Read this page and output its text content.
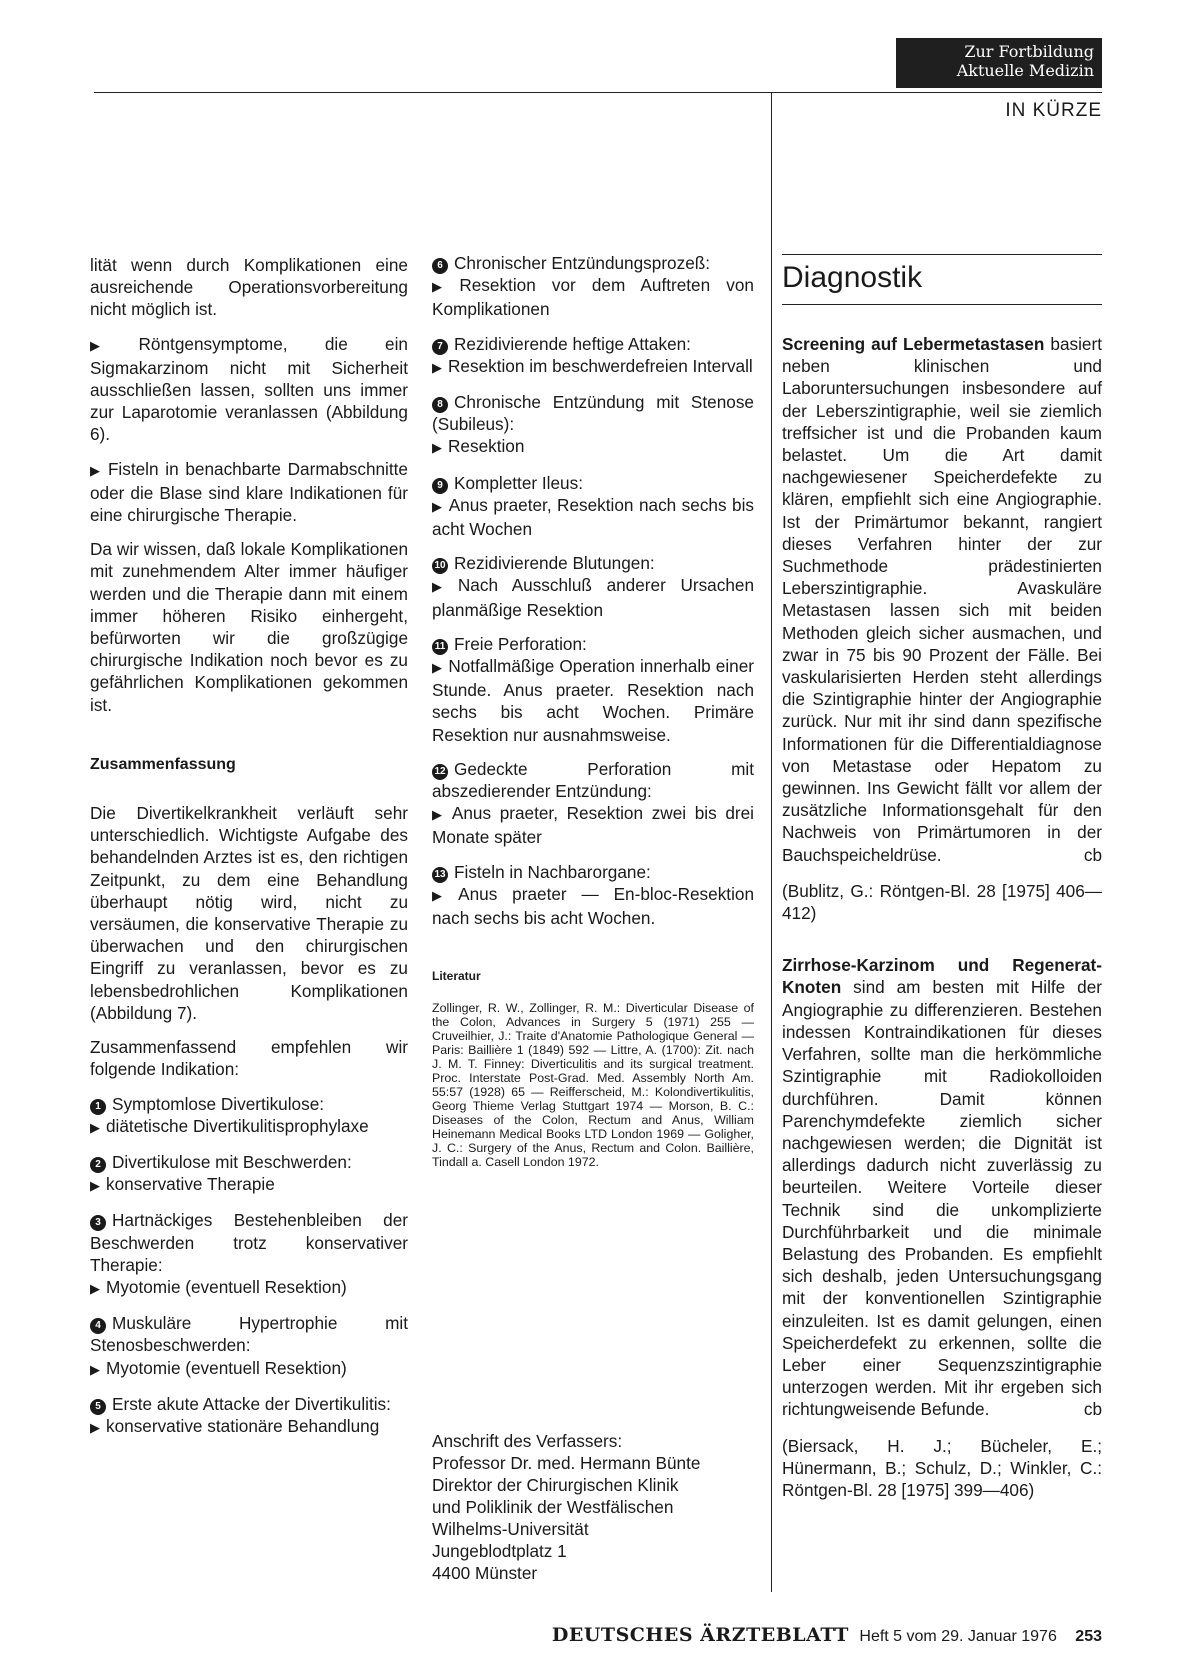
Zur Fortbildung
Aktuelle Medizin
IN KÜRZE

lität wenn durch Komplikationen eine ausreichende Operationsvorbereitung nicht möglich ist.

▶ Röntgensymptome, die ein Sigmakarzinom nicht mit Sicherheit ausschließen lassen, sollten uns immer zur Laparotomie veranlassen (Abbildung 6).

▶ Fisteln in benachbarte Darmabschnitte oder die Blase sind klare Indikationen für eine chirurgische Therapie.

Da wir wissen, daß lokale Komplikationen mit zunehmendem Alter immer häufiger werden und die Therapie dann mit einem immer höheren Risiko einhergeht, befürworten wir die großzügige chirurgische Indikation noch bevor es zu gefährlichen Komplikationen gekommen ist.

Zusammenfassung

Die Divertikelkrankheit verläuft sehr unterschiedlich. Wichtigste Aufgabe des behandelnden Arztes ist es, den richtigen Zeitpunkt, zu dem eine Behandlung überhaupt nötig wird, nicht zu versäumen, die konservative Therapie zu überwachen und den chirurgischen Eingriff zu veranlassen, bevor es zu lebensbedrohlichen Komplikationen (Abbildung 7).

Zusammenfassend empfehlen wir folgende Indikation:

1 Symptomlose Divertikulose:
▶ diätetische Divertikulitisprophylaxe
2 Divertikulose mit Beschwerden:
▶ konservative Therapie
3 Hartnäckiges Bestehenbleiben der Beschwerden trotz konservativer Therapie:
▶ Myotomie (eventuell Resektion)
4 Muskuläre Hypertrophie mit Stenosbeschwerden:
▶ Myotomie (eventuell Resektion)
5 Erste akute Attacke der Divertikulitis:
▶ konservative stationäre Behandlung
6 Chronischer Entzündungsprozeß:
▶ Resektion vor dem Auftreten von Komplikationen
7 Rezidivierende heftige Attaken:
▶ Resektion im beschwerdefreien Intervall
8 Chronische Entzündung mit Stenose (Subileus):
▶ Resektion
9 Kompletter Ileus:
▶ Anus praeter, Resektion nach sechs bis acht Wochen
10 Rezidivierende Blutungen:
▶ Nach Ausschluß anderer Ursachen planmäßige Resektion
11 Freie Perforation:
▶ Notfallmäßige Operation innerhalb einer Stunde. Anus praeter. Resektion nach sechs bis acht Wochen. Primäre Resektion nur ausnahmsweise.
12 Gedeckte Perforation mit abszedierender Entzündung:
▶ Anus praeter, Resektion zwei bis drei Monate später
13 Fisteln in Nachbarorgane:
▶ Anus praeter — En-bloc-Resektion nach sechs bis acht Wochen.
Literatur
Zollinger, R. W., Zollinger, R. M.: Diverticular Disease of the Colon, Advances in Surgery 5 (1971) 255 — Cruveilhier, J.: Traite d'Anatomie Pathologique General — Paris: Baillière 1 (1849) 592 — Littre, A. (1700): Zit. nach J. M. T. Finney: Diverticulitis and its surgical treatment. Proc. Interstate Post-Grad. Med. Assembly North Am. 55:57 (1928) 65 — Reifferscheid, M.: Kolondivertikulitis, Georg Thieme Verlag Stuttgart 1974 — Morson, B. C.: Diseases of the Colon, Rectum and Anus, William Heinemann Medical Books LTD London 1969 — Goligher, J. C.: Surgery of the Anus, Rectum and Colon. Baillière, Tindall a. Casell London 1972.
Anschrift des Verfassers:
Professor Dr. med. Hermann Bünte
Direktor der Chirurgischen Klinik
und Poliklinik der Westfälischen
Wilhelms-Universität
Jungeblodtplatz 1
4400 Münster
Diagnostik

Screening auf Lebermetastasen basiert neben klinischen und Laboruntersuchungen insbesondere auf der Leberszintigraphie, weil sie ziemlich treffsicher ist und die Probanden kaum belastet. Um die Art damit nachgewiesener Speicherdefekte zu klären, empfiehlt sich eine Angiographie. Ist der Primärtumor bekannt, rangiert dieses Verfahren hinter der zur Suchmethode prädestinierten Leberszintigraphie. Avaskuläre Metastasen lassen sich mit beiden Methoden gleich sicher ausmachen, und zwar in 75 bis 90 Prozent der Fälle. Bei vaskularisierten Herden steht allerdings die Szintigraphie hinter der Angiographie zurück. Nur mit ihr sind dann spezifische Informationen für die Differentialdiagnose von Metastase oder Hepatom zu gewinnen. Ins Gewicht fällt vor allem der zusätzliche Informationsgehalt für den Nachweis von Primärtumoren in der Bauchspeicheldrüse.	cb

(Bublitz, G.: Röntgen-Bl. 28 [1975] 406—412)

Zirrhose-Karzinom und Regenerat-Knoten sind am besten mit Hilfe der Angiographie zu differenzieren. Bestehen indessen Kontraindikationen für dieses Verfahren, sollte man die herkömmliche Szintigraphie mit Radiokolloiden durchführen. Damit können Parenchymdefekte ziemlich sicher nachgewiesen werden; die Dignität ist allerdings dadurch nicht zuverlässig zu beurteilen. Weitere Vorteile dieser Technik sind die unkomplizierte Durchführbarkeit und die minimale Belastung des Probanden. Es empfiehlt sich deshalb, jeden Untersuchungsgang mit der konventionellen Szintigraphie einzuleiten. Ist es damit gelungen, einen Speicherdefekt zu erkennen, sollte die Leber einer Sequenzszintigraphie unterzogen werden. Mit ihr ergeben sich richtungweisende Befunde.	cb

(Biersack, H. J.; Bücheler, E.; Hünermann, B.; Schulz, D.; Winkler, C.: Röntgen-Bl. 28 [1975] 399—406)

DEUTSCHES ÄRZTEBLATT Heft 5 vom 29. Januar 1976 253
